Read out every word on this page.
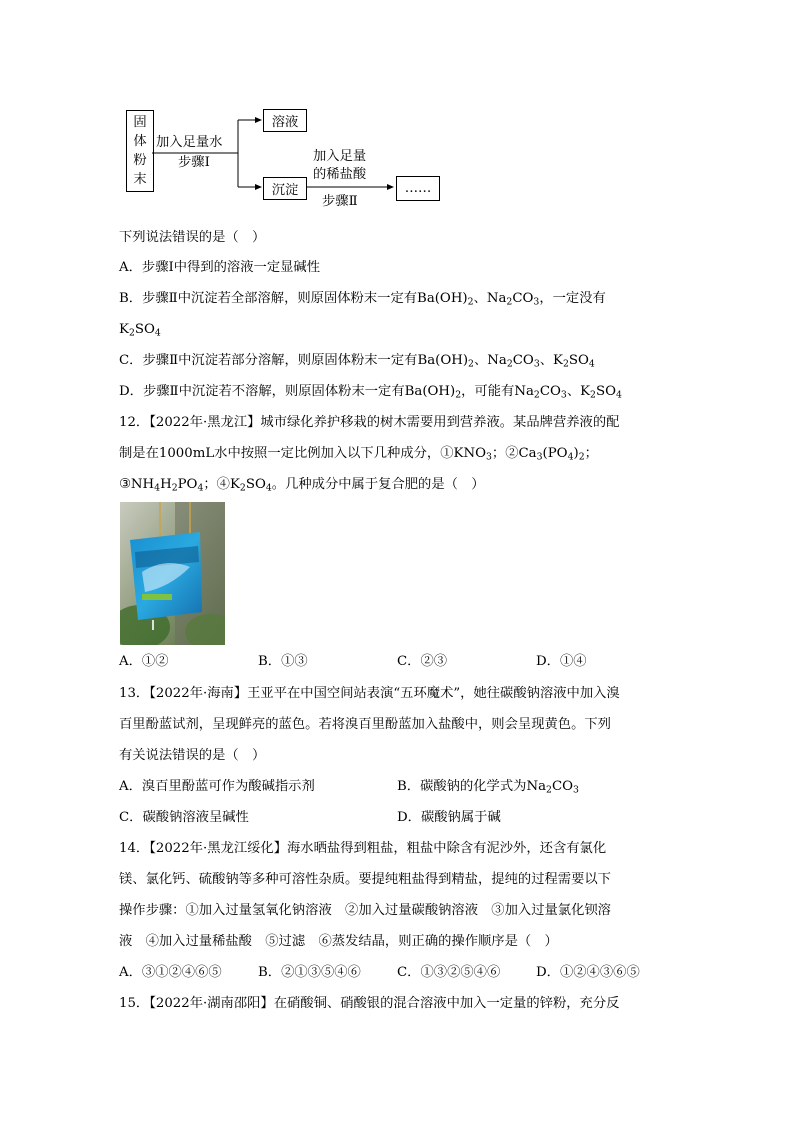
固
体
粉
末
加入足量水
步骤Ⅰ
溶液
沉淀
加入足量
的稀盐酸
步骤Ⅱ
……
下列说法错误的是（　）
A．步骤Ⅰ中得到的溶液一定显碱性
B．步骤Ⅱ中沉淀若全部溶解，则原固体粉末一定有$Ba(OH)_2$、$Na_2CO_3$，一定没有
$K_2SO_4$
C．步骤Ⅱ中沉淀若部分溶解，则原固体粉末一定有$Ba(OH)_2$、$Na_2CO_3$、$K_2SO_4$
D．步骤Ⅱ中沉淀若不溶解，则原固体粉末一定有$Ba(OH)_2$，可能有$Na_2CO_3$、$K_2SO_4$
12．【2022年·黑龙江】城市绿化养护移栽的树木需要用到营养液。某品牌营养液的配
制是在1000mL水中按照一定比例加入以下几种成分，$①KNO_3$；$②Ca_3(PO_4)_2$；
$③NH_4H_2PO_4$；$④K_2SO_4$。几种成分中属于复合肥的是（　）
A．①②	B．①③	C．②③	D．①④
13．【2022年·海南】王亚平在中国空间站表演“五环魔术”，她往碳酸钠溶液中加入溴
百里酚蓝试剂，呈现鲜亮的蓝色。若将溴百里酚蓝加入盐酸中，则会呈现黄色。下列
有关说法错误的是（　）
A．溴百里酚蓝可作为酸碱指示剂	B．碳酸钠的化学式为$Na_2CO_3$
C．碳酸钠溶液呈碱性	D．碳酸钠属于碱
14．【2022年·黑龙江绥化】海水晒盐得到粗盐，粗盐中除含有泥沙外，还含有氯化
镁、氯化钙、硫酸钠等多种可溶性杂质。要提纯粗盐得到精盐，提纯的过程需要以下
操作步骤：①加入过量氢氧化钠溶液　②加入过量碳酸钠溶液　③加入过量氯化钡溶
液　④加入过量稀盐酸　⑤过滤　⑥蒸发结晶，则正确的操作顺序是（　）
A．③①②④⑥⑤	B．②①③⑤④⑥	C．①③②⑤④⑥	D．①②④③⑥⑤
15．【2022年·湖南邵阳】在硝酸铜、硝酸银的混合溶液中加入一定量的锌粉，充分反
